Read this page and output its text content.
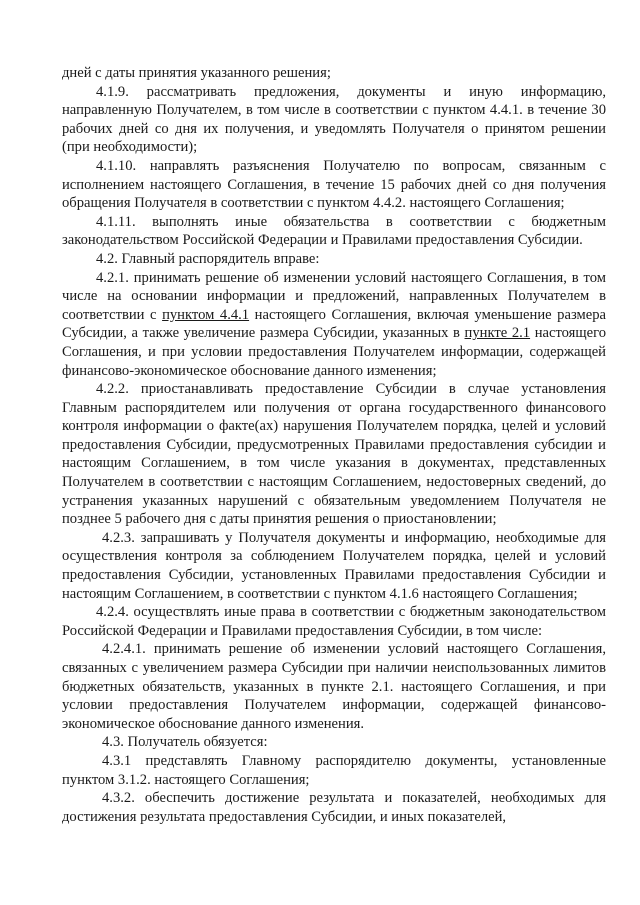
дней с даты принятия указанного решения;

4.1.9. рассматривать предложения, документы и иную информацию, направленную Получателем, в том числе в соответствии с пунктом 4.4.1. в течение 30 рабочих дней со дня их получения, и уведомлять Получателя о принятом решении (при необходимости);

4.1.10. направлять разъяснения Получателю по вопросам, связанным с исполнением настоящего Соглашения, в течение 15 рабочих дней со дня получения обращения Получателя в соответствии с пунктом 4.4.2. настоящего Соглашения;

4.1.11. выполнять иные обязательства в соответствии с бюджетным законодательством Российской Федерации и Правилами предоставления Субсидии.

4.2. Главный распорядитель вправе:

4.2.1. принимать решение об изменении условий настоящего Соглашения, в том числе на основании информации и предложений, направленных Получателем в соответствии с пунктом 4.4.1 настоящего Соглашения, включая уменьшение размера Субсидии, а также увеличение размера Субсидии, указанных в пункте 2.1 настоящего Соглашения, и при условии предоставления Получателем информации, содержащей финансово-экономическое обоснование данного изменения;

4.2.2. приостанавливать предоставление Субсидии в случае установления Главным распорядителем или получения от органа государственного финансового контроля информации о факте(ах) нарушения Получателем порядка, целей и условий предоставления Субсидии, предусмотренных Правилами предоставления субсидии и настоящим Соглашением, в том числе указания в документах, представленных Получателем в соответствии с настоящим Соглашением, недостоверных сведений, до устранения указанных нарушений с обязательным уведомлением Получателя не позднее 5 рабочего дня с даты принятия решения о приостановлении;

4.2.3. запрашивать у Получателя документы и информацию, необходимые для осуществления контроля за соблюдением Получателем порядка, целей и условий предоставления Субсидии, установленных Правилами предоставления Субсидии и настоящим Соглашением, в соответствии с пунктом 4.1.6 настоящего Соглашения;

4.2.4. осуществлять иные права в соответствии с бюджетным законодательством Российской Федерации и Правилами предоставления Субсидии, в том числе:

4.2.4.1. принимать решение об изменении условий настоящего Соглашения, связанных с увеличением размера Субсидии при наличии неиспользованных лимитов бюджетных обязательств, указанных в пункте 2.1. настоящего Соглашения, и при условии предоставления Получателем информации, содержащей финансово-экономическое обоснование данного изменения.

4.3. Получатель обязуется:

4.3.1 представлять Главному распорядителю документы, установленные пунктом 3.1.2. настоящего Соглашения;

4.3.2. обеспечить достижение результата и показателей, необходимых для достижения результата предоставления Субсидии, и иных показателей,
